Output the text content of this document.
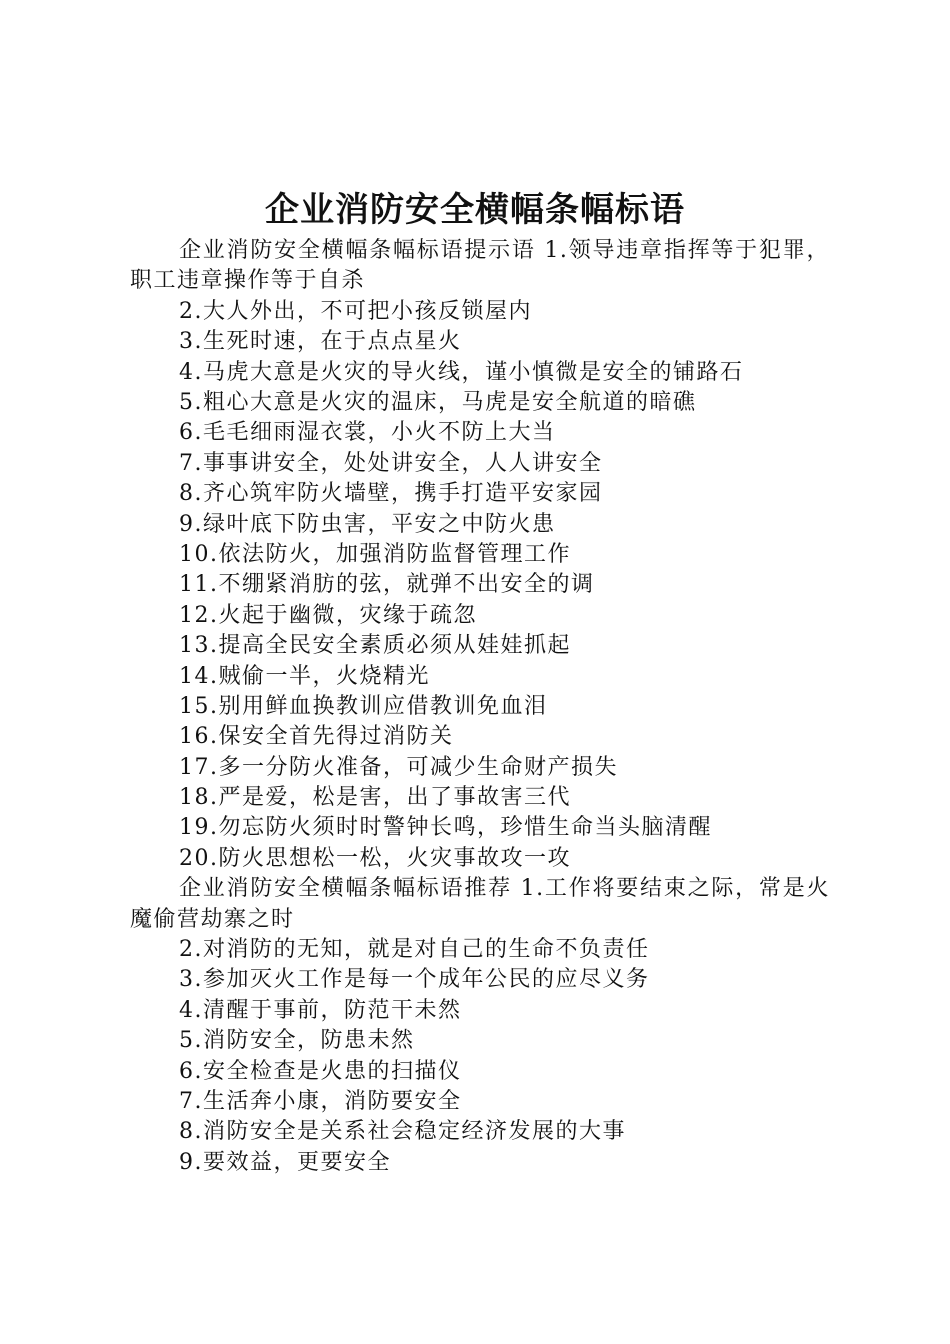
企业消防安全横幅条幅标语
企业消防安全横幅条幅标语提示语 1.领导违章指挥等于犯罪，职工违章操作等于自杀
2.大人外出，不可把小孩反锁屋内
3.生死时速，在于点点星火
4.马虎大意是火灾的导火线，谨小慎微是安全的铺路石
5.粗心大意是火灾的温床，马虎是安全航道的暗礁
6.毛毛细雨湿衣裳，小火不防上大当
7.事事讲安全，处处讲安全，人人讲安全
8.齐心筑牢防火墙壁，携手打造平安家园
9.绿叶底下防虫害，平安之中防火患
10.依法防火，加强消防监督管理工作
11.不绷紧消肪的弦，就弹不出安全的调
12.火起于幽微，灾缘于疏忽
13.提高全民安全素质必须从娃娃抓起
14.贼偷一半，火烧精光
15.别用鲜血换教训应借教训免血泪
16.保安全首先得过消防关
17.多一分防火准备，可减少生命财产损失
18.严是爱，松是害，出了事故害三代
19.勿忘防火须时时警钟长鸣，珍惜生命当头脑清醒
20.防火思想松一松，火灾事故攻一攻
企业消防安全横幅条幅标语推荐 1.工作将要结束之际，常是火魔偷营劫寨之时
2.对消防的无知，就是对自己的生命不负责任
3.参加灭火工作是每一个成年公民的应尽义务
4.清醒于事前，防范干未然
5.消防安全，防患未然
6.安全检查是火患的扫描仪
7.生活奔小康，消防要安全
8.消防安全是关系社会稳定经济发展的大事
9.要效益，更要安全
